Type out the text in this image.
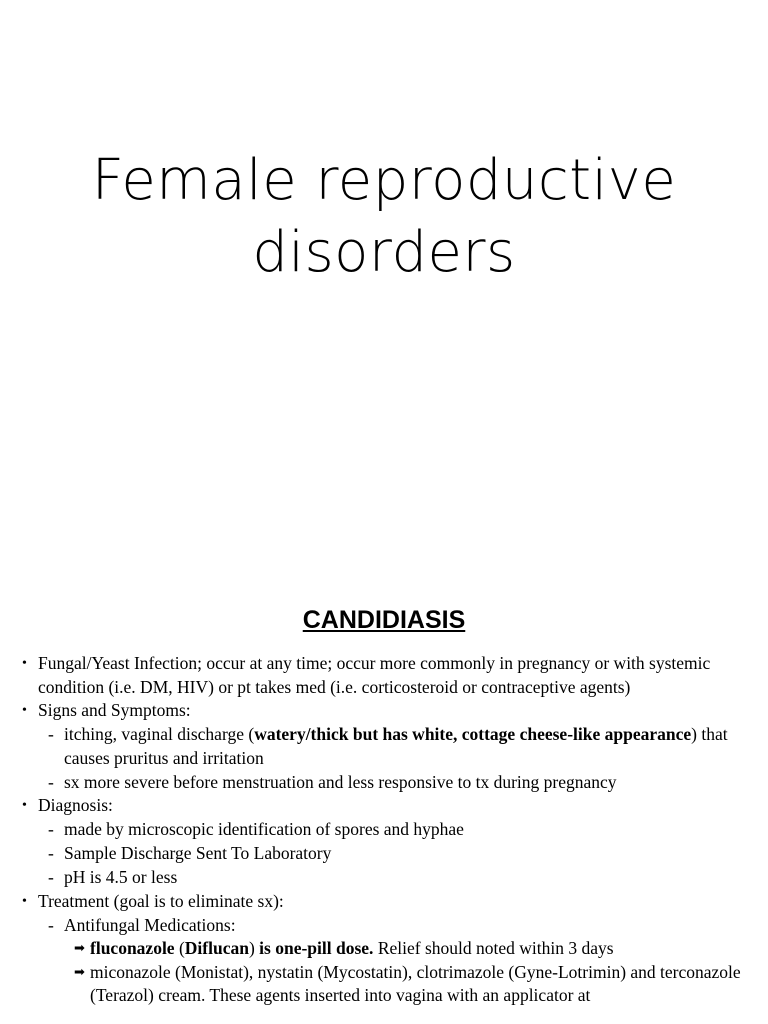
Female reproductive
disorders
CANDIDIASIS
• Fungal/Yeast Infection; occur at any time; occur more commonly in pregnancy or with systemic condition (i.e. DM, HIV) or pt takes med (i.e. corticosteroid or contraceptive agents)
• Signs and Symptoms:
- itching, vaginal discharge (watery/thick but has white, cottage cheese-like appearance) that causes pruritus and irritation
- sx more severe before menstruation and less responsive to tx during pregnancy
• Diagnosis:
- made by microscopic identification of spores and hyphae
- Sample Discharge Sent To Laboratory
- pH is 4.5 or less
• Treatment (goal is to eliminate sx):
- Antifungal Medications:
➡ fluconazole (Diflucan) is one-pill dose. Relief should noted within 3 days
➡ miconazole (Monistat), nystatin (Mycostatin), clotrimazole (Gyne-Lotrimin) and terconazole (Terazol) cream. These agents inserted into vagina with an applicator at
